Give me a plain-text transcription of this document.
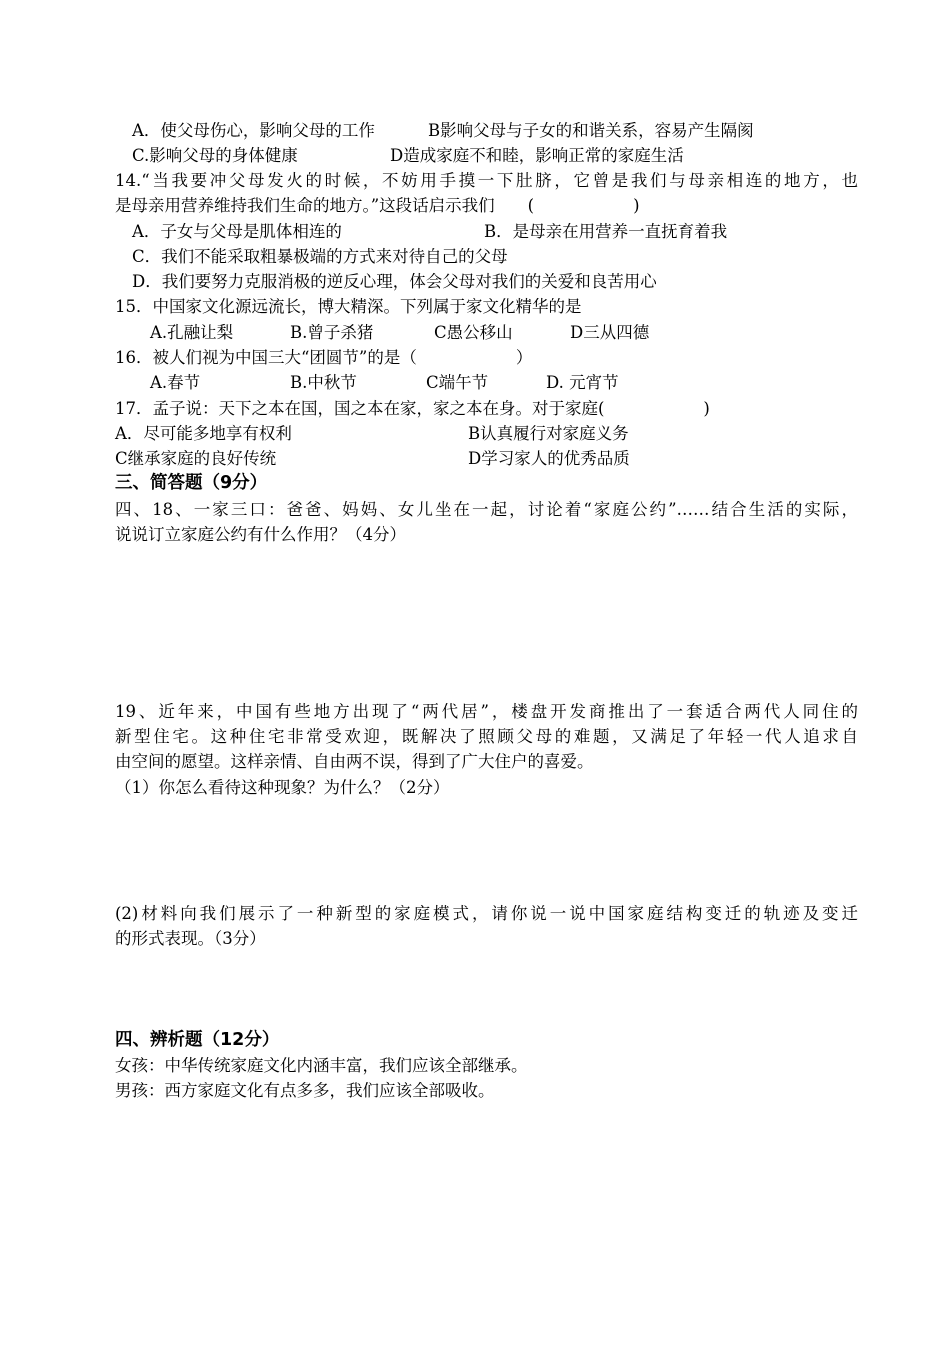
A．使父母伤心，影响父母的工作	B影响父母与子女的和谐关系，容易产生隔阂
C.影响父母的身体健康	D造成家庭不和睦，影响正常的家庭生活
14.“当我要冲父母发火的时候，不妨用手摸一下肚脐，它曾是我们与母亲相连的地方，也
是母亲用营养维持我们生命的地方。”这段话启示我们　　(　　　　　　)
A．子女与父母是肌体相连的	B．是母亲在用营养一直抚育着我
C．我们不能采取粗暴极端的方式来对待自己的父母
D．我们要努力克服消极的逆反心理，体会父母对我们的关爱和良苦用心
15．中国家文化源远流长，博大精深。下列属于家文化精华的是
A.孔融让梨	B.曾子杀猪	C愚公移山	D三从四德
16．被人们视为中国三大“团圆节”的是（　　　　　　）
A.春节	B.中秋节	C端午节	D. 元宵节
17．孟子说：天下之本在国，国之本在家，家之本在身。对于家庭(　　　　　　)
A．尽可能多地享有权利	B认真履行对家庭义务
C继承家庭的良好传统	D学习家人的优秀品质
三、简答题（9分）
四、18、一家三口：爸爸、妈妈、女儿坐在一起，讨论着“家庭公约”……结合生活的实际，
说说订立家庭公约有什么作用？（4分）
19、近年来，中国有些地方出现了“两代居”，楼盘开发商推出了一套适合两代人同住的
新型住宅。这种住宅非常受欢迎，既解决了照顾父母的难题，又满足了年轻一代人追求自
由空间的愿望。这样亲情、自由两不误，得到了广大住户的喜爱。
（1）你怎么看待这种现象？为什么？（2分）
(2)材料向我们展示了一种新型的家庭模式，请你说一说中国家庭结构变迁的轨迹及变迁
的形式表现。（3分）
四、辨析题（12分）
女孩：中华传统家庭文化内涵丰富，我们应该全部继承。
男孩：西方家庭文化有点多多，我们应该全部吸收。
